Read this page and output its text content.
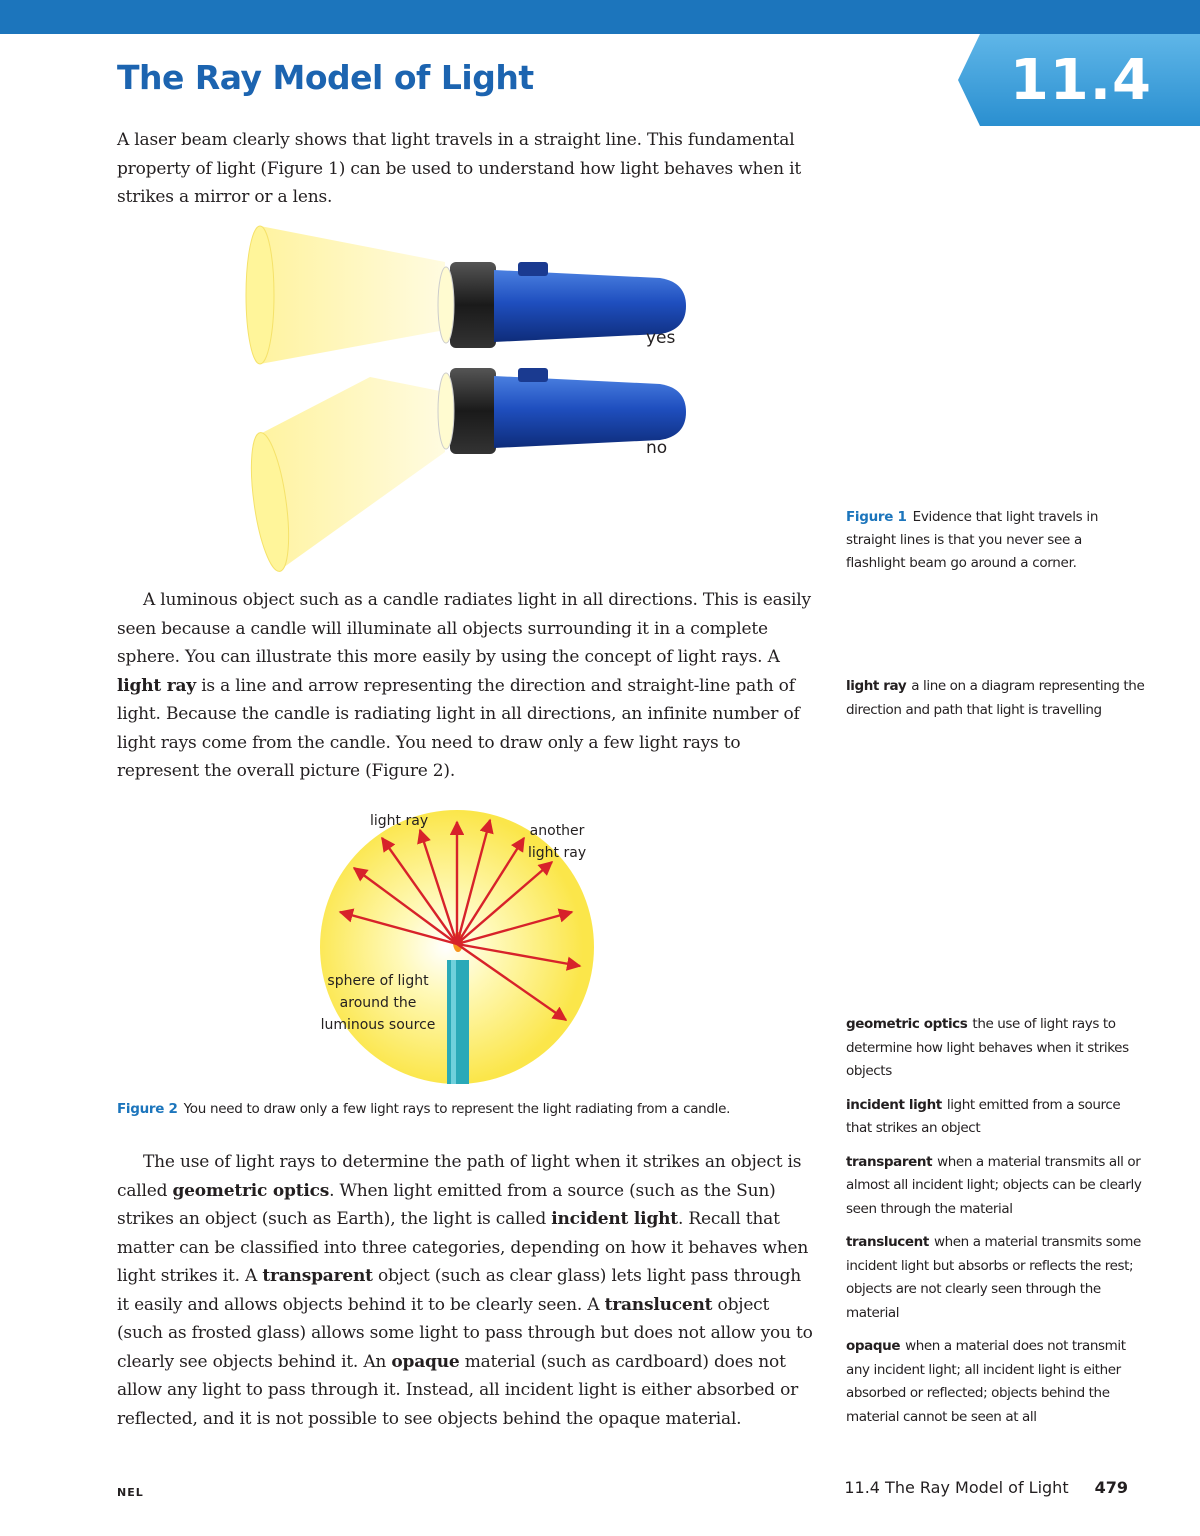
11.4
The Ray Model of Light

A laser beam clearly shows that light travels in a straight line. This fundamental property of light (Figure 1) can be used to understand how light behaves when it strikes a mirror or a lens.

yes
no
Figure 1 Evidence that light travels in straight lines is that you never see a flashlight beam go around a corner.

A luminous object such as a candle radiates light in all directions. This is easily seen because a candle will illuminate all objects surrounding it in a complete sphere. You can illustrate this more easily by using the concept of light rays. A light ray is a line and arrow representing the direction and straight-line path of light. Because the candle is radiating light in all directions, an infinite number of light rays come from the candle. You need to draw only a few light rays to represent the overall picture (Figure 2).

light ray a line on a diagram representing the direction and path that light is travelling

light ray
another
light ray
sphere of light
around the
luminous source
Figure 2 You need to draw only a few light rays to represent the light radiating from a candle.

The use of light rays to determine the path of light when it strikes an object is called geometric optics. When light emitted from a source (such as the Sun) strikes an object (such as Earth), the light is called incident light. Recall that matter can be classified into three categories, depending on how it behaves when light strikes it. A transparent object (such as clear glass) lets light pass through it easily and allows objects behind it to be clearly seen. A translucent object (such as frosted glass) allows some light to pass through but does not allow you to clearly see objects behind it. An opaque material (such as cardboard) does not allow any light to pass through it. Instead, all incident light is either absorbed or reflected, and it is not possible to see objects behind the opaque material.

geometric optics the use of light rays to determine how light behaves when it strikes objects

incident light light emitted from a source that strikes an object

transparent when a material transmits all or almost all incident light; objects can be clearly seen through the material

translucent when a material transmits some incident light but absorbs or reflects the rest; objects are not clearly seen through the material

opaque when a material does not transmit any incident light; all incident light is either absorbed or reflected; objects behind the material cannot be seen at all

NEL	11.4 The Ray Model of Light 479
